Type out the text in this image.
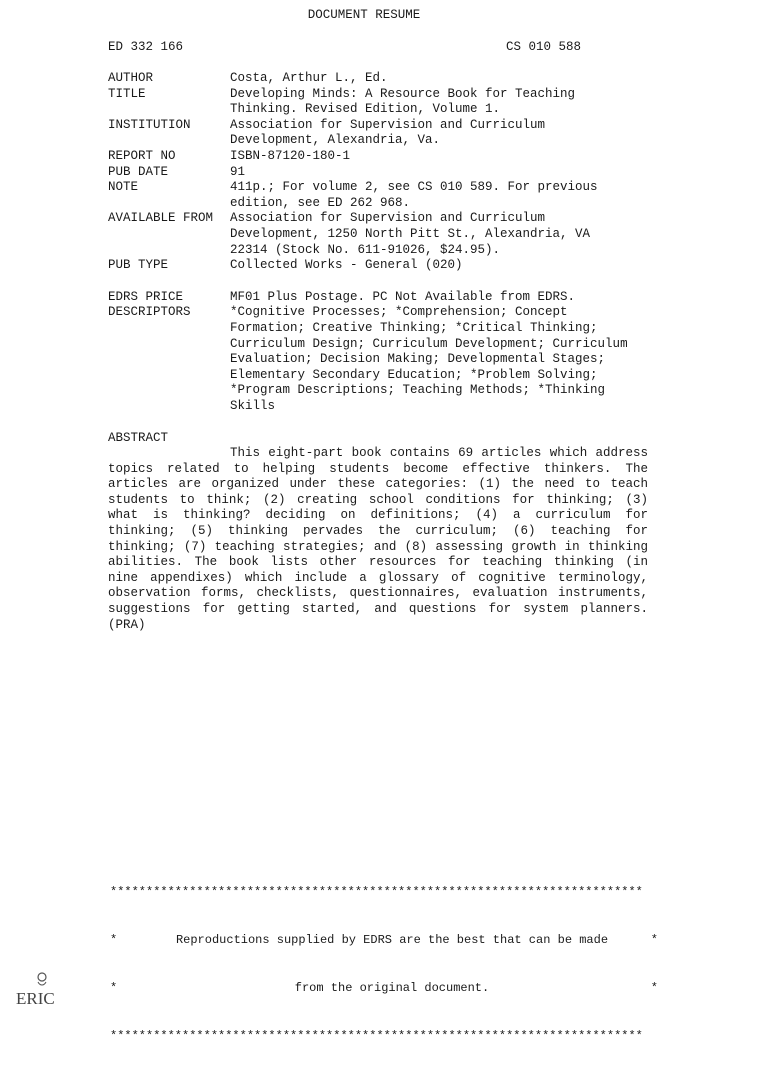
DOCUMENT RESUME
ED 332 166	CS 010 588
AUTHOR	Costa, Arthur L., Ed.
TITLE	Developing Minds: A Resource Book for Teaching
Thinking. Revised Edition, Volume 1.
INSTITUTION	Association for Supervision and Curriculum
Development, Alexandria, Va.
REPORT NO	ISBN-87120-180-1
PUB DATE	91
NOTE	411p.; For volume 2, see CS 010 589. For previous
edition, see ED 262 968.
AVAILABLE FROM	Association for Supervision and Curriculum
Development, 1250 North Pitt St., Alexandria, VA
22314 (Stock No. 611-91026, $24.95).
PUB TYPE	Collected Works - General (020)
EDRS PRICE	MF01 Plus Postage. PC Not Available from EDRS.
DESCRIPTORS	*Cognitive Processes; *Comprehension; Concept
Formation; Creative Thinking; *Critical Thinking;
Curriculum Design; Curriculum Development; Curriculum
Evaluation; Decision Making; Developmental Stages;
Elementary Secondary Education; *Problem Solving;
*Program Descriptions; Teaching Methods; *Thinking
Skills
ABSTRACT
This eight-part book contains 69 articles which address topics related to helping students become effective thinkers. The articles are organized under these categories: (1) the need to teach students to think; (2) creating school conditions for thinking; (3) what is thinking? deciding on definitions; (4) a curriculum for thinking; (5) thinking pervades the curriculum; (6) teaching for thinking; (7) teaching strategies; and (8) assessing growth in thinking abilities. The book lists other resources for teaching thinking (in nine appendixes) which include a glossary of cognitive terminology, observation forms, checklists, questionnaires, evaluation instruments, suggestions for getting started, and questions for system planners. (PRA)

**************************************************************************

*	Reproductions supplied by EDRS are the best that can be made	*

*	from the original document.	*

**************************************************************************

ERIC
